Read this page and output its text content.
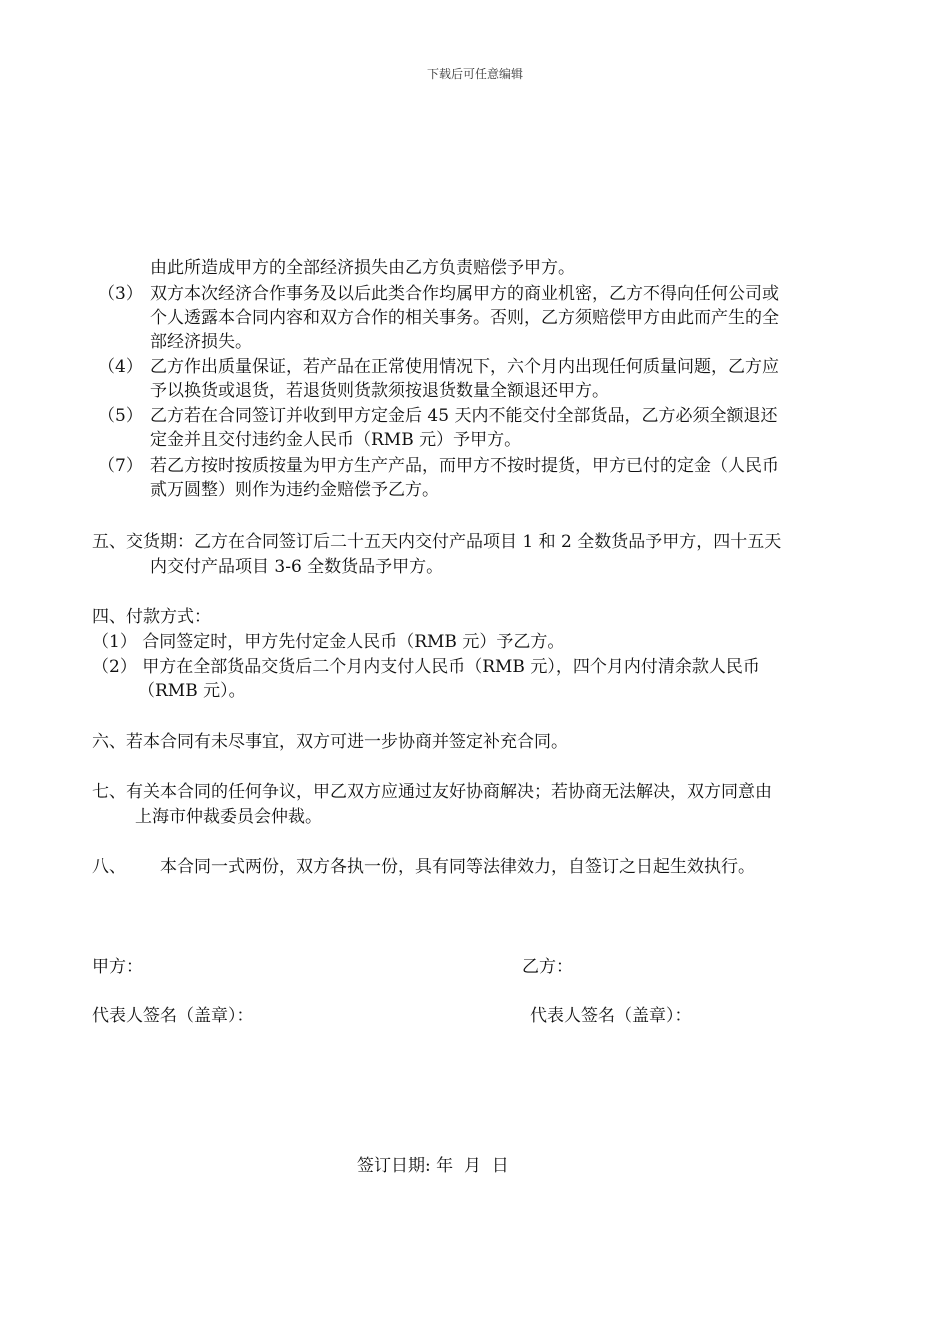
下载后可任意编辑
由此所造成甲方的全部经济损失由乙方负责赔偿予甲方。
（3） 双方本次经济合作事务及以后此类合作均属甲方的商业机密，乙方不得向任何公司或
个人透露本合同内容和双方合作的相关事务。否则，乙方须赔偿甲方由此而产生的全
部经济损失。
（4） 乙方作出质量保证，若产品在正常使用情况下，六个月内出现任何质量问题，乙方应
予以换货或退货，若退货则货款须按退货数量全额退还甲方。
（5） 乙方若在合同签订并收到甲方定金后 45 天内不能交付全部货品，乙方必须全额退还
定金并且交付违约金人民币（RMB 元）予甲方。
（7） 若乙方按时按质按量为甲方生产产品，而甲方不按时提货，甲方已付的定金（人民币
贰万圆整）则作为违约金赔偿予乙方。
五、交货期：乙方在合同签订后二十五天内交付产品项目 1 和 2 全数货品予甲方，四十五天
内交付产品项目 3-6 全数货品予甲方。
四、付款方式：
（1） 合同签定时，甲方先付定金人民币（RMB 元）予乙方。
（2） 甲方在全部货品交货后二个月内支付人民币（RMB 元），四个月内付清余款人民币
（RMB 元）。
六、若本合同有未尽事宜，双方可进一步协商并签定补充合同。
七、有关本合同的任何争议，甲乙双方应通过友好协商解决；若协商无法解决，双方同意由
上海市仲裁委员会仲裁。
八、 本合同一式两份，双方各执一份，具有同等法律效力，自签订之日起生效执行。
甲方：	乙方：
代表人签名（盖章）：	代表人签名（盖章）：
签订日期: 年  月  日
